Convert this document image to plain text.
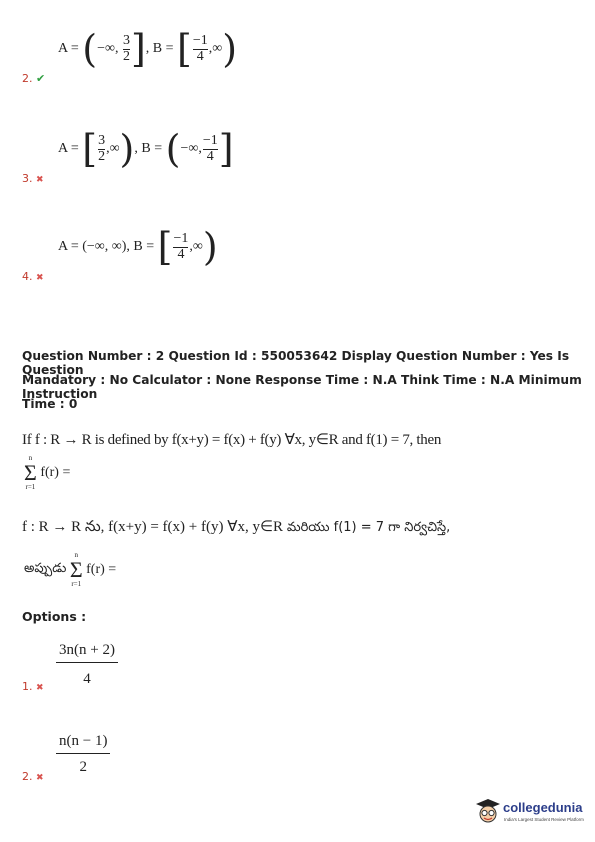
A = (−∞, $\frac{3}{2}$ ], B = [ $\frac{-1}{4}$ ,∞)
2. ✔
A = [ $\frac{3}{2}$ ,∞), B = (−∞, $\frac{-1}{4}$ ]
3. ✖
A = (−∞, ∞), B = [ $\frac{-1}{4}$ ,∞)
4. ✖
Question Number : 2 Question Id : 550053642 Display Question Number : Yes Is Question
Mandatory : No Calculator : None Response Time : N.A Think Time : N.A Minimum Instruction
Time : 0
If f : R → R is defined by f(x+y) = f(x) + f(y) ∀x, y∈R and f(1) = 7, then
n
Σ
r=1
f(r) =
f : R → R ను, f(x+y) = f(x) + f(y) ∀x, y∈R మరియు f(1) = 7 గా నిర్వచిస్తే,
అప్పుడు
n
Σ
r=1
f(r) =
Options :
$\frac{3n(n + 2)}{4}$
1. ✖
$\frac{n(n - 1)}{2}$
2. ✖
collegedunia
India's Largest Student Review Platform
